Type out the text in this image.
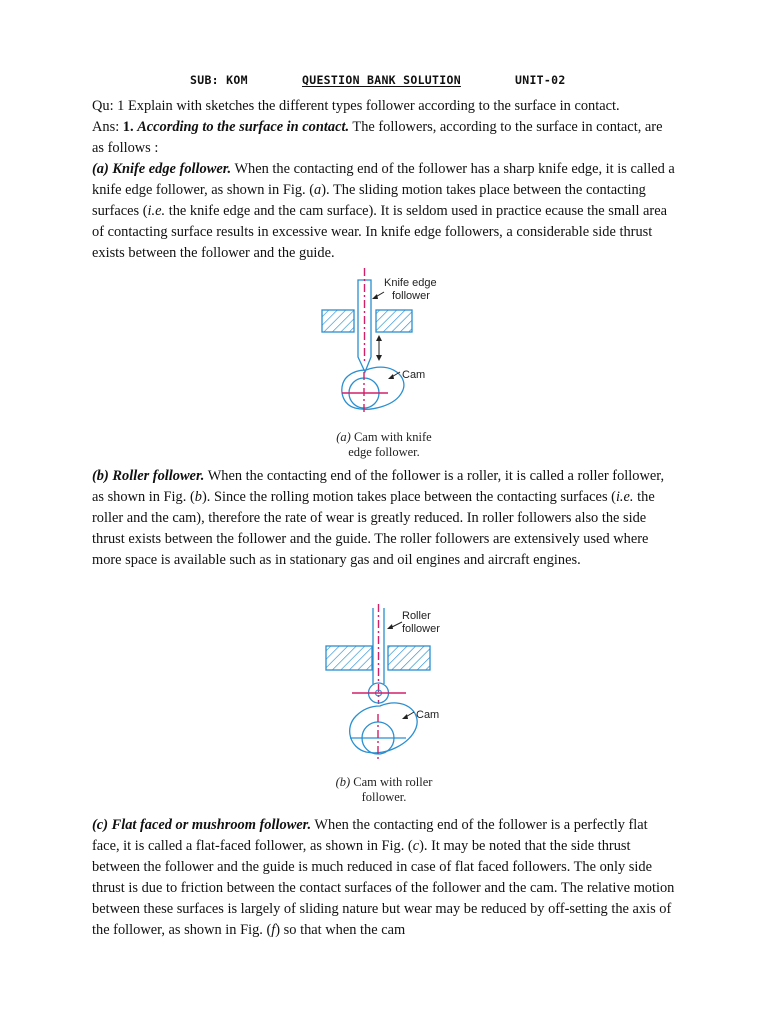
SUB: KOM	QUESTION BANK SOLUTION	UNIT-02

Qu: 1 Explain with sketches the different types follower according to the surface in contact.

Ans: 1. According to the surface in contact. The followers, according to the surface in contact, are as follows :

(a) Knife edge follower. When the contacting end of the follower has a sharp knife edge, it is called a knife edge follower, as shown in Fig. (a). The sliding motion takes place between the contacting surfaces (i.e. the knife edge and the cam surface). It is seldom used in practice ecause the small area of contacting surface results in excessive wear. In knife edge followers, a considerable side thrust exists between the follower and the guide.

Knife edge
follower
Cam
(a) Cam with knife
edge follower.

(b) Roller follower. When the contacting end of the follower is a roller, it is called a roller follower, as shown in Fig. (b). Since the rolling motion takes place between the contacting surfaces (i.e. the roller and the cam), therefore the rate of wear is greatly reduced. In roller followers also the side thrust exists between the follower and the guide. The roller followers are extensively used where more space is available such as in stationary gas and oil engines and aircraft engines.

Roller
follower
Cam
(b) Cam with roller
follower.

(c) Flat faced or mushroom follower. When the contacting end of the follower is a perfectly flat face, it is called a flat-faced follower, as shown in Fig. (c). It may be noted that the side thrust between the follower and the guide is much reduced in case of flat faced followers. The only side thrust is due to friction between the contact surfaces of the follower and the cam. The relative motion between these surfaces is largely of sliding nature but wear may be reduced by off-setting the axis of the follower, as shown in Fig. (f) so that when the cam
